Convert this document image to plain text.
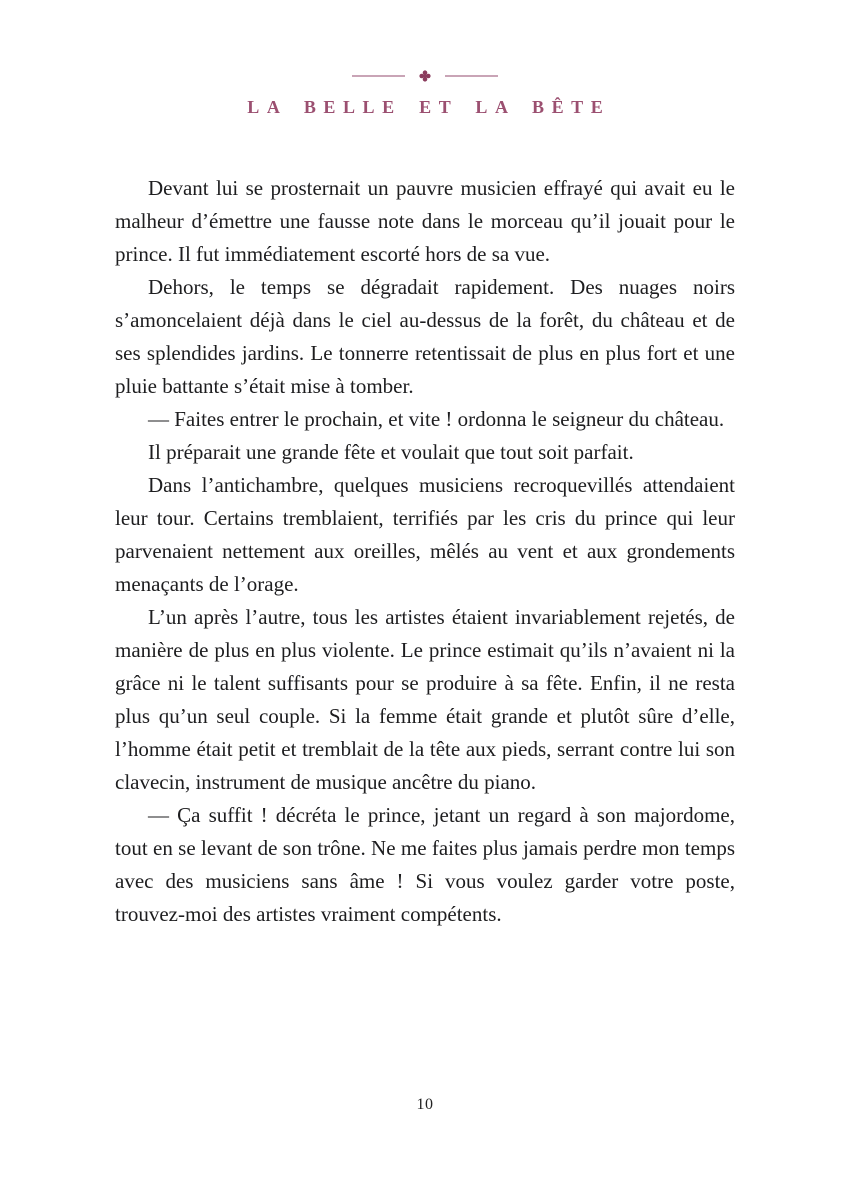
LA BELLE ET LA BÊTE

Devant lui se prosternait un pauvre musicien effrayé qui avait eu le malheur d’émettre une fausse note dans le morceau qu’il jouait pour le prince. Il fut immédiatement escorté hors de sa vue.

Dehors, le temps se dégradait rapidement. Des nuages noirs s’amoncelaient déjà dans le ciel au-dessus de la forêt, du château et de ses splendides jardins. Le tonnerre retentissait de plus en plus fort et une pluie battante s’était mise à tomber.

— Faites entrer le prochain, et vite ! ordonna le seigneur du château.

Il préparait une grande fête et voulait que tout soit parfait.

Dans l’antichambre, quelques musiciens recroquevillés attendaient leur tour. Certains tremblaient, terrifiés par les cris du prince qui leur parvenaient nettement aux oreilles, mêlés au vent et aux grondements menaçants de l’orage.

L’un après l’autre, tous les artistes étaient invariablement rejetés, de manière de plus en plus violente. Le prince estimait qu’ils n’avaient ni la grâce ni le talent suffisants pour se produire à sa fête. Enfin, il ne resta plus qu’un seul couple. Si la femme était grande et plutôt sûre d’elle, l’homme était petit et tremblait de la tête aux pieds, serrant contre lui son clavecin, instrument de musique ancêtre du piano.

— Ça suffit ! décréta le prince, jetant un regard à son majordome, tout en se levant de son trône. Ne me faites plus jamais perdre mon temps avec des musiciens sans âme ! Si vous voulez garder votre poste, trouvez-moi des artistes vraiment compétents.

10
